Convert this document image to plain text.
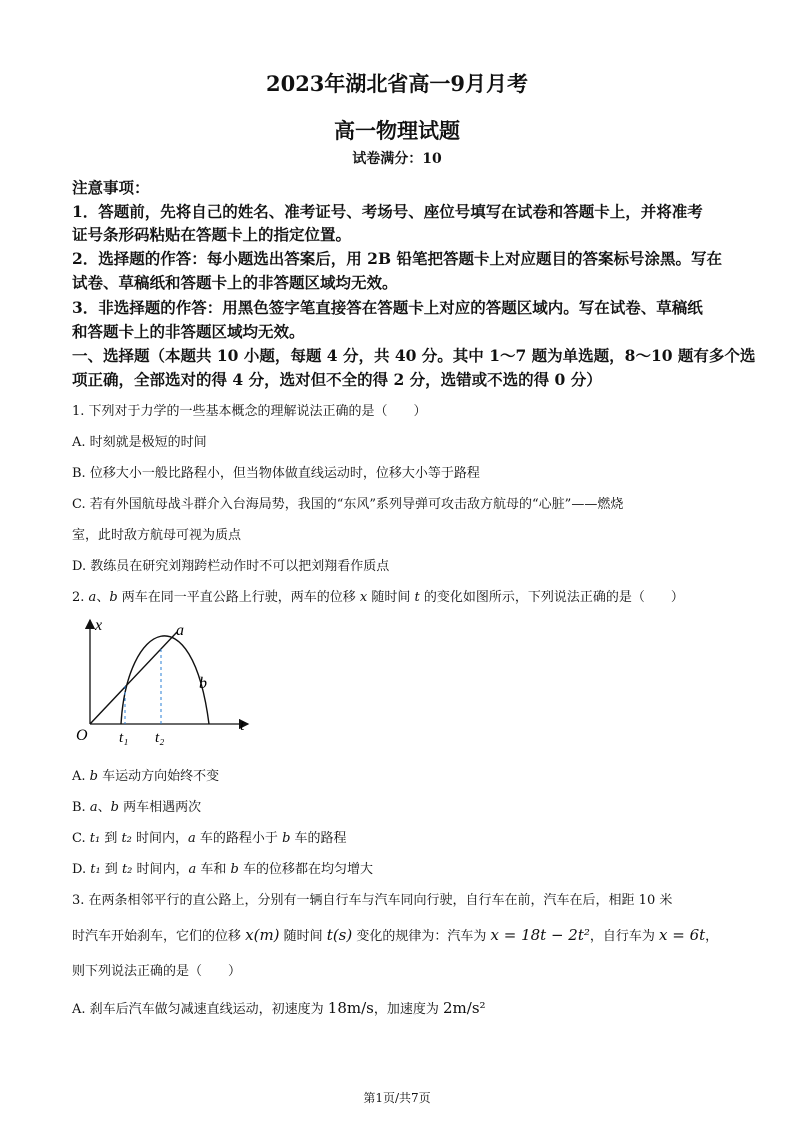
2023年湖北省高一9月月考
高一物理试题
试卷满分：10
注意事项：
1．答题前，先将自己的姓名、准考证号、考场号、座位号填写在试卷和答题卡上，并将准考
证号条形码粘贴在答题卡上的指定位置。
2．选择题的作答：每小题选出答案后，用 2B 铅笔把答题卡上对应题目的答案标号涂黑。写在
试卷、草稿纸和答题卡上的非答题区域均无效。
3．非选择题的作答：用黑色签字笔直接答在答题卡上对应的答题区域内。写在试卷、草稿纸
和答题卡上的非答题区域均无效。
一、选择题（本题共 10 小题，每题 4 分，共 40 分。其中 1～7 题为单选题，8～10 题有多个选
项正确，全部选对的得 4 分，选对但不全的得 2 分，选错或不选的得 0 分）
1. 下列对于力学的一些基本概念的理解说法正确的是（　　）
A. 时刻就是极短的时间
B. 位移大小一般比路程小，但当物体做直线运动时，位移大小等于路程
C. 若有外国航母战斗群介入台海局势，我国的“东风”系列导弹可攻击敌方航母的“心脏”——燃烧
室，此时敌方航母可视为质点
D. 教练员在研究刘翔跨栏动作时不可以把刘翔看作质点
2. a、b 两车在同一平直公路上行驶，两车的位移 x 随时间 t 的变化如图所示，下列说法正确的是（　　）
x
t
O
a
b
t₁ t₂
A. b 车运动方向始终不变
B. a、b 两车相遇两次
C. t₁ 到 t₂ 时间内，a 车的路程小于 b 车的路程
D. t₁ 到 t₂ 时间内，a 车和 b 车的位移都在均匀增大
3. 在两条相邻平行的直公路上，分别有一辆自行车与汽车同向行驶，自行车在前，汽车在后，相距 10 米
时汽车开始刹车，它们的位移 x(m) 随时间 t(s) 变化的规律为：汽车为 x = 18t − 2t²，自行车为 x = 6t，
则下列说法正确的是（　　）
A. 刹车后汽车做匀减速直线运动，初速度为 18m/s，加速度为 2m/s²
第1页/共7页
